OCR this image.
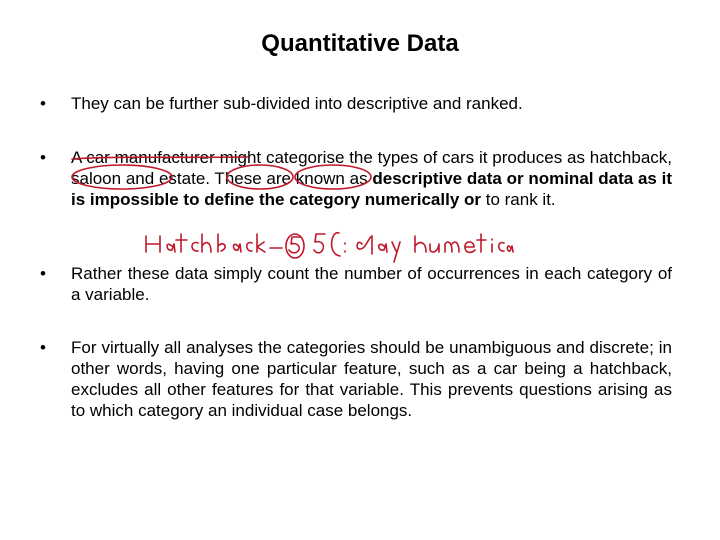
Quantitative Data
• They can be further sub-divided into descriptive and ranked.
• A car manufacturer might categorise the types of cars it produces as hatchback, saloon and estate. These are known as descriptive data or nominal data as it is impossible to define the category numerically or to rank it.
• Rather these data simply count the number of occurrences in each category of a variable.
• For virtually all analyses the categories should be unambiguous and discrete; in other words, having one particular feature, such as a car being a hatchback, excludes all other features for that variable. This prevents questions arising as to which category an individual case belongs.
